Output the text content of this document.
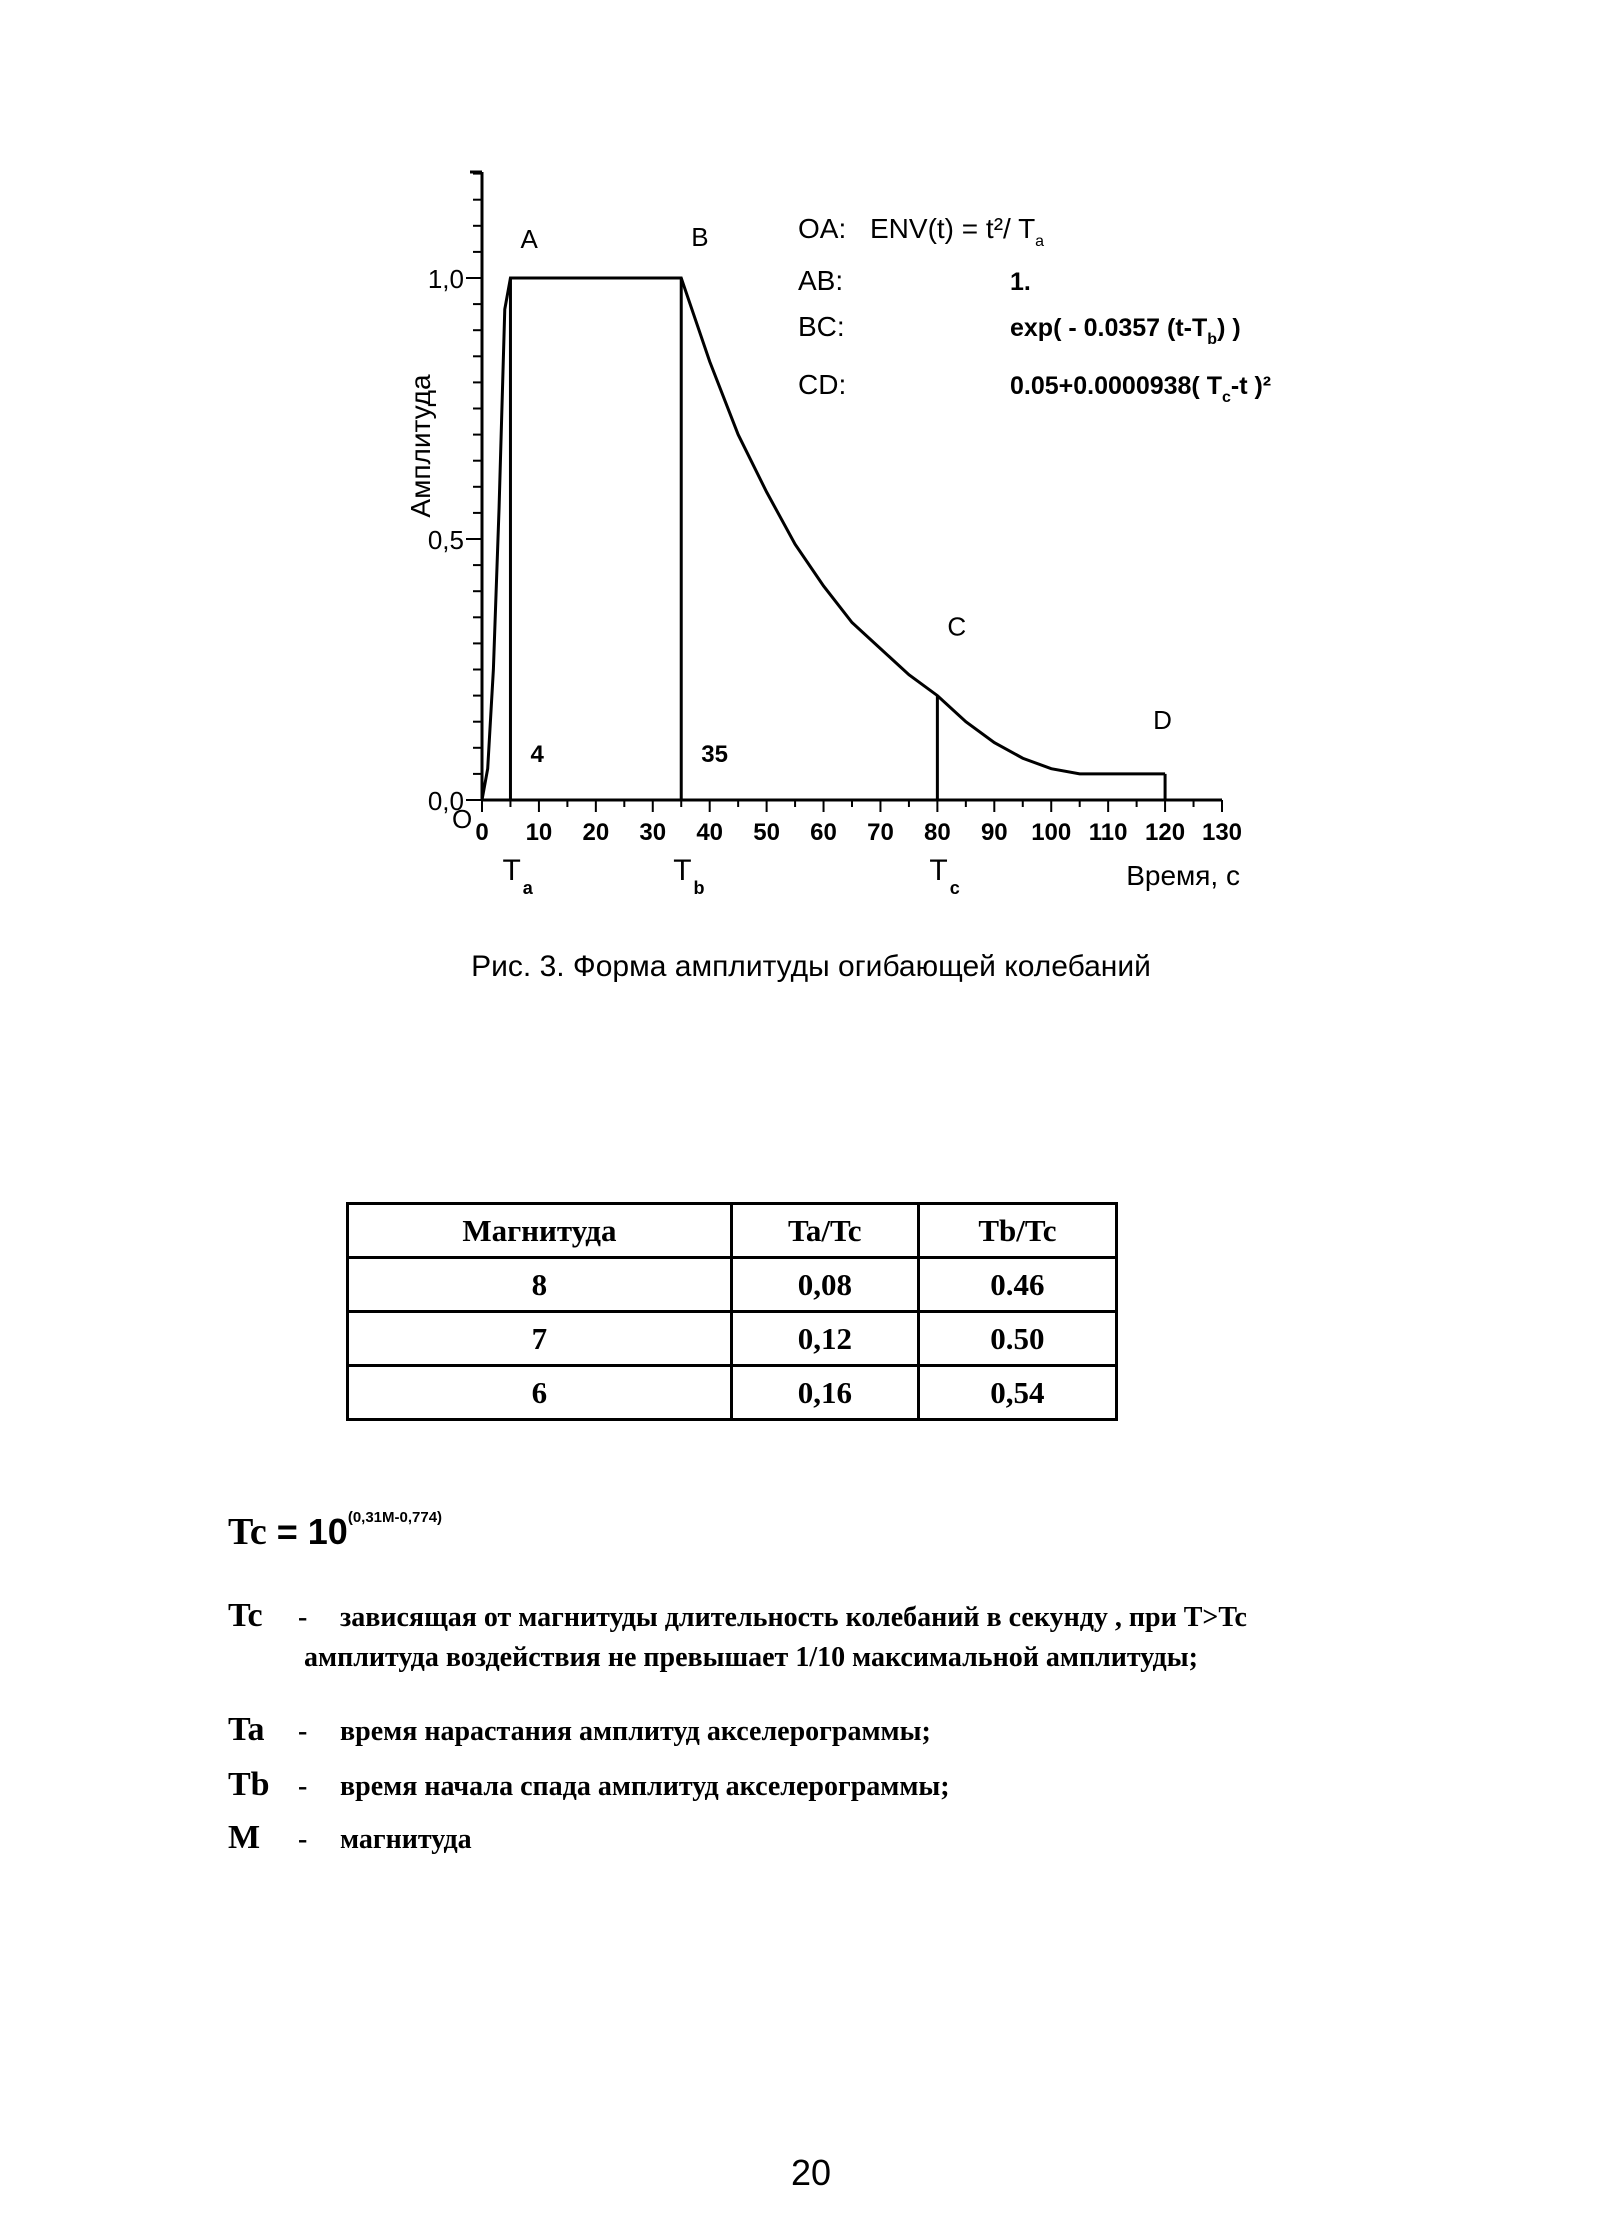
0,0
0,5
1,0
0 10 20 30 40 50 60 70 80 90 100 110 120 130
O
Амплитуда
Время, с
4	35
A	B
C
D
$T_a$
$T_b$
$T_c$
OA: ENV(t) = t²/ $T_a$
AB:	1.
BC:	exp( - 0.0357 $(t-T_b)$ )
CD:	0.05+0.0000938( $T_c-t$ )²
Рис. 3. Форма амплитуды огибающей колебаний
Магнитуда	Ta/Tc	Tb/Tc
8	0,08	0.46
7	0,12	0.50
6	0,16	0,54
$Tc = 10^{(0,31M-0,774)}$
Tc - зависящая от магнитуды длительность колебаний в секунду , при T>Tc
амплитуда воздействия не превышает 1/10 максимальной амплитуды;
Ta - время нарастания амплитуд акселерограммы;
Tb - время начала спада амплитуд акселерограммы;
M - магнитуда
20
